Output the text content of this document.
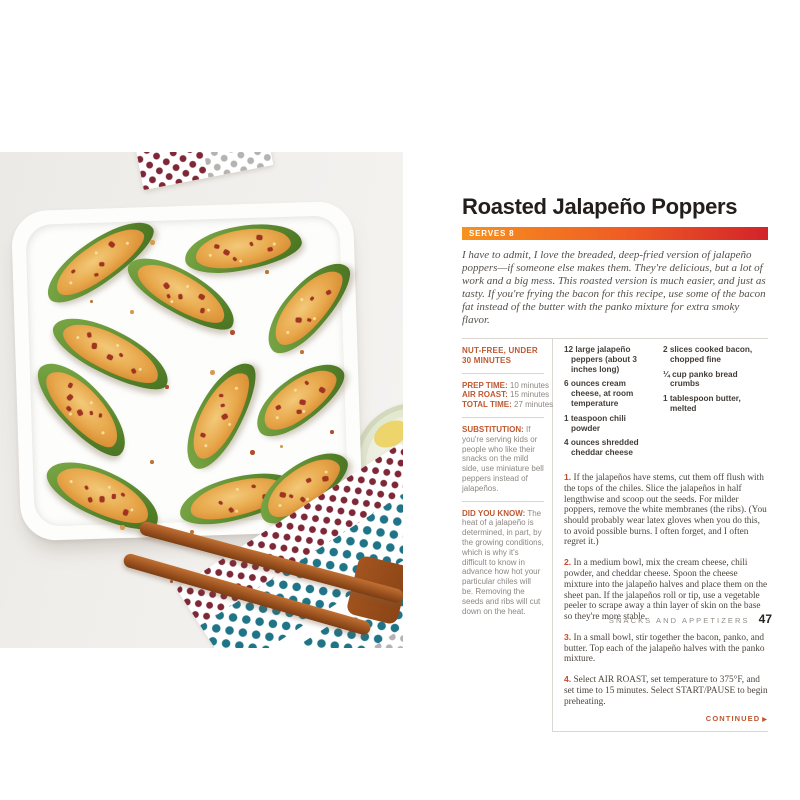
Roasted Jalapeño Poppers
SERVES 8

I have to admit, I love the breaded, deep-fried version of jalapeño poppers—if someone else makes them. They're delicious, but a lot of work and a big mess. This roasted version is much easier, and just as tasty. If you're frying the bacon for this recipe, use some of the bacon fat instead of the butter with the panko mixture for extra smoky flavor.

NUT-FREE, UNDER 30 MINUTES
PREP TIME: 10 minutes
AIR ROAST: 15 minutes
TOTAL TIME: 27 minutes
SUBSTITUTION: If you're serving kids or people who like their snacks on the mild side, use miniature bell peppers instead of jalapeños.
DID YOU KNOW: The heat of a jalapeño is determined, in part, by the growing conditions, which is why it's difficult to know in advance how hot your particular chiles will be. Removing the seeds and ribs will cut down on the heat.
12 large jalapeño peppers (about 3 inches long)
6 ounces cream cheese, at room temperature
1 teaspoon chili powder
4 ounces shredded cheddar cheese
2 slices cooked bacon, chopped fine
¼ cup panko bread crumbs
1 tablespoon butter, melted

1. If the jalapeños have stems, cut them off flush with the tops of the chiles. Slice the jalapeños in half lengthwise and scoop out the seeds. For milder poppers, remove the white membranes (the ribs). (You should probably wear latex gloves when you do this, to avoid possible burns. I often forget, and I often regret it.)

2. In a medium bowl, mix the cream cheese, chili powder, and cheddar cheese. Spoon the cheese mixture into the jalapeño halves and place them on the sheet pan. If the jalapeños roll or tip, use a vegetable peeler to scrape away a thin layer of skin on the base so they're more stable.

3. In a small bowl, stir together the bacon, panko, and butter. Top each of the jalapeño halves with the panko mixture.

4. Select AIR ROAST, set temperature to 375°F, and set time to 15 minutes. Select START/PAUSE to begin preheating.

CONTINUED ▶
SNACKS AND APPETIZERS 47
